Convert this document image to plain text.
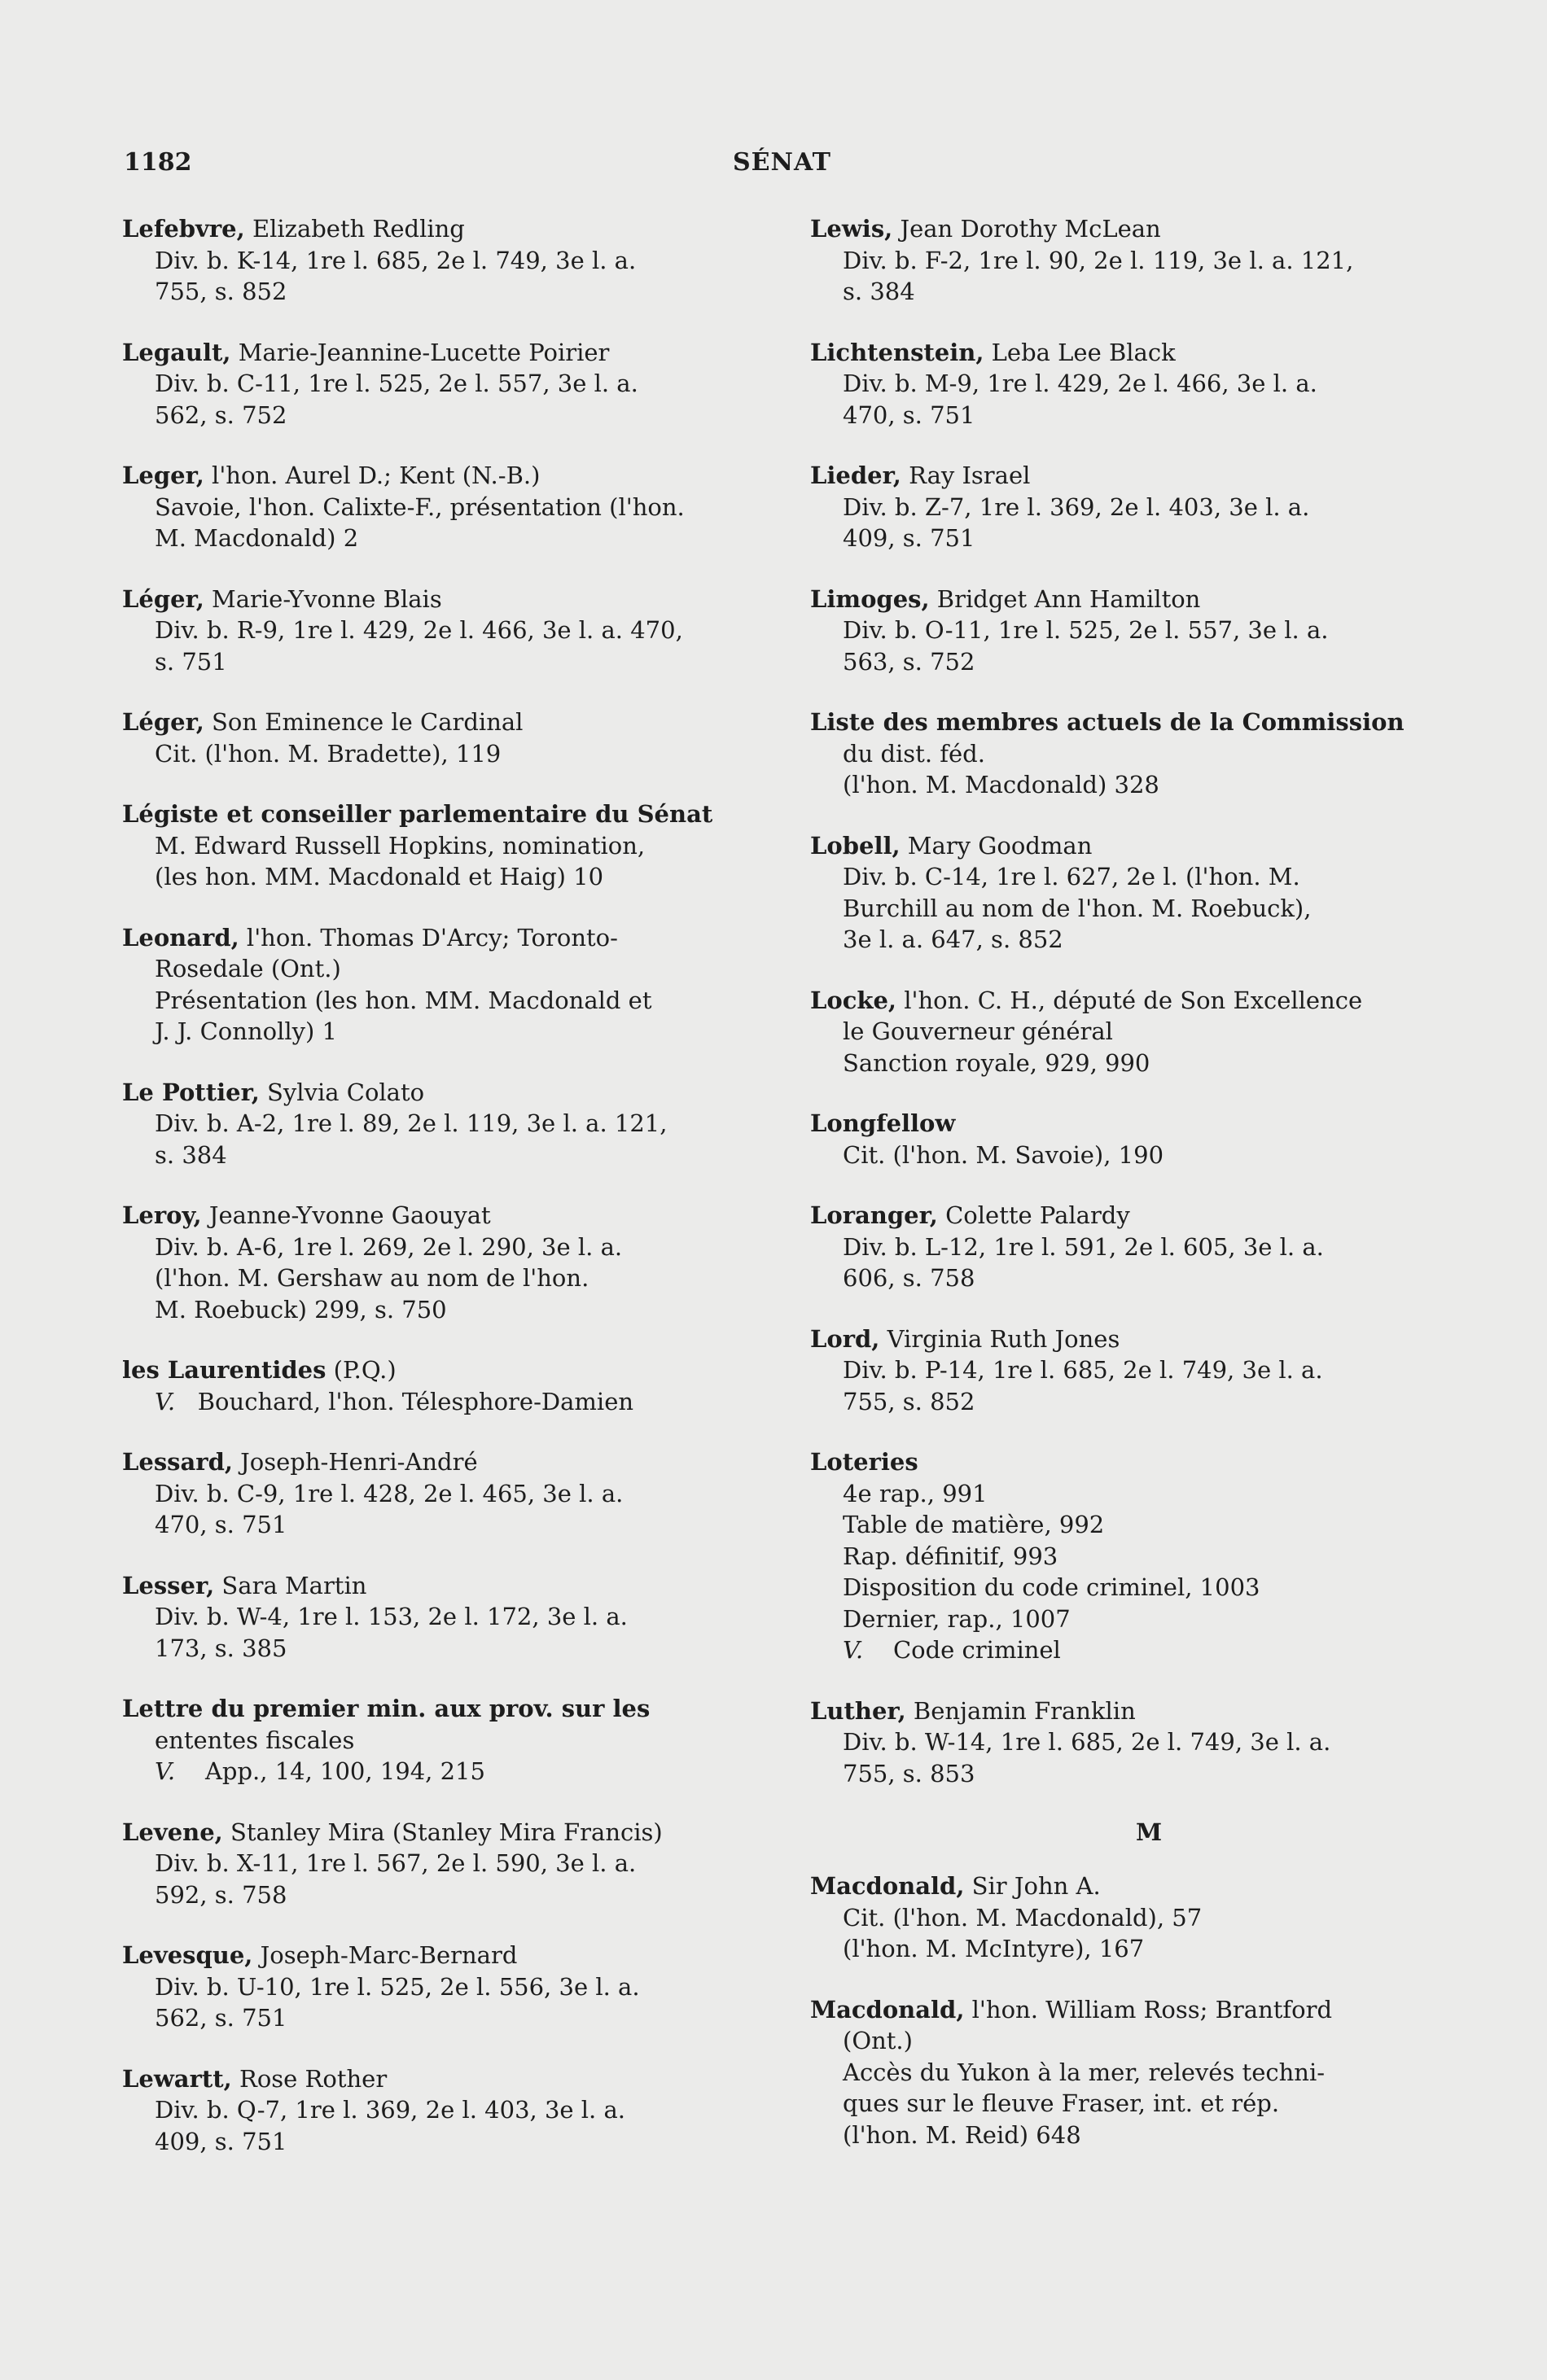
1182	SÉNAT
Lefebvre, Elizabeth Redling
Div. b. K-14, 1re l. 685, 2e l. 749, 3e l. a.
755, s. 852
Legault, Marie-Jeannine-Lucette Poirier
Div. b. C-11, 1re l. 525, 2e l. 557, 3e l. a.
562, s. 752
Leger, l'hon. Aurel D.; Kent (N.-B.)
Savoie, l'hon. Calixte-F., présentation (l'hon.
M. Macdonald) 2
Léger, Marie-Yvonne Blais
Div. b. R-9, 1re l. 429, 2e l. 466, 3e l. a. 470,
s. 751
Léger, Son Eminence le Cardinal
Cit. (l'hon. M. Bradette), 119
Légiste et conseiller parlementaire du Sénat
M. Edward Russell Hopkins, nomination,
(les hon. MM. Macdonald et Haig) 10
Leonard, l'hon. Thomas D'Arcy; Toronto-
Rosedale (Ont.)
Présentation (les hon. MM. Macdonald et
J. J. Connolly) 1
Le Pottier, Sylvia Colato
Div. b. A-2, 1re l. 89, 2e l. 119, 3e l. a. 121,
s. 384
Leroy, Jeanne-Yvonne Gaouyat
Div. b. A-6, 1re l. 269, 2e l. 290, 3e l. a.
(l'hon. M. Gershaw au nom de l'hon.
M. Roebuck) 299, s. 750
les Laurentides (P.Q.)
V. Bouchard, l'hon. Télesphore-Damien
Lessard, Joseph-Henri-André
Div. b. C-9, 1re l. 428, 2e l. 465, 3e l. a.
470, s. 751
Lesser, Sara Martin
Div. b. W-4, 1re l. 153, 2e l. 172, 3e l. a.
173, s. 385
Lettre du premier min. aux prov. sur les
ententes fiscales
V.    App., 14, 100, 194, 215
Levene, Stanley Mira (Stanley Mira Francis)
Div. b. X-11, 1re l. 567, 2e l. 590, 3e l. a.
592, s. 758
Levesque, Joseph-Marc-Bernard
Div. b. U-10, 1re l. 525, 2e l. 556, 3e l. a.
562, s. 751
Lewartt, Rose Rother
Div. b. Q-7, 1re l. 369, 2e l. 403, 3e l. a.
409, s. 751
Lewis, Jean Dorothy McLean
Div. b. F-2, 1re l. 90, 2e l. 119, 3e l. a. 121,
s. 384
Lichtenstein, Leba Lee Black
Div. b. M-9, 1re l. 429, 2e l. 466, 3e l. a.
470, s. 751
Lieder, Ray Israel
Div. b. Z-7, 1re l. 369, 2e l. 403, 3e l. a.
409, s. 751
Limoges, Bridget Ann Hamilton
Div. b. O-11, 1re l. 525, 2e l. 557, 3e l. a.
563, s. 752
Liste des membres actuels de la Commission
du dist. féd.
(l'hon. M. Macdonald) 328
Lobell, Mary Goodman
Div. b. C-14, 1re l. 627, 2e l. (l'hon. M.
Burchill au nom de l'hon. M. Roebuck),
3e l. a. 647, s. 852
Locke, l'hon. C. H., député de Son Excellence
le Gouverneur général
Sanction royale, 929, 990
Longfellow
Cit. (l'hon. M. Savoie), 190
Loranger, Colette Palardy
Div. b. L-12, 1re l. 591, 2e l. 605, 3e l. a.
606, s. 758
Lord, Virginia Ruth Jones
Div. b. P-14, 1re l. 685, 2e l. 749, 3e l. a.
755, s. 852
Loteries
4e rap., 991
Table de matière, 992
Rap. définitif, 993
Disposition du code criminel, 1003
Dernier, rap., 1007
V.    Code criminel
Luther, Benjamin Franklin
Div. b. W-14, 1re l. 685, 2e l. 749, 3e l. a.
755, s. 853
M
Macdonald, Sir John A.
Cit. (l'hon. M. Macdonald), 57
(l'hon. M. McIntyre), 167
Macdonald, l'hon. William Ross; Brantford
(Ont.)
Accès du Yukon à la mer, relevés techni-
ques sur le fleuve Fraser, int. et rép.
(l'hon. M. Reid) 648
